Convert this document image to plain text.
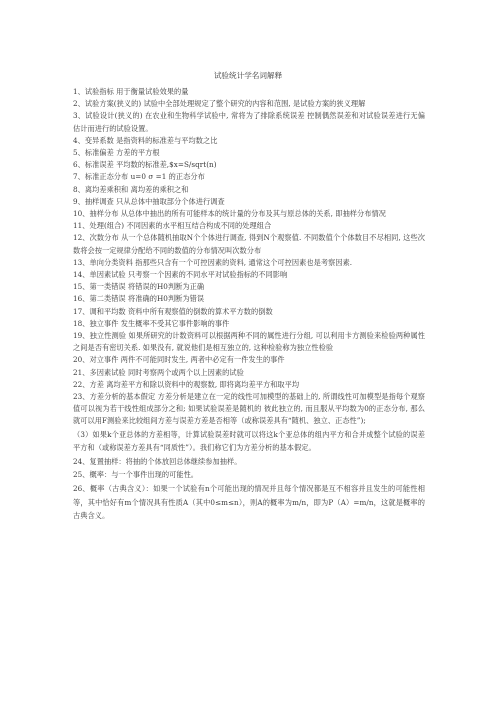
试验统计学名词解释

1、试验指标 用于衡量试验效果的量

2、试验方案(狭义的) 试验中全部处理规定了整个研究的内容和范围, 是试验方案的狭义理解

3、试验设计(狭义的) 在农业和生物科学试验中, 常将为了排除系统误差 控制偶然误差和对试验误差进行无偏估计而进行的试验设置。

4、变异系数 是指资料的标准差与平均数之比

5、标准偏差 方差的平方根

6、标准误差 平均数的标准差,$x=S/sqrt(n)

7、标准正态分布 u=0 σ =1 的正态分布

8、离均差乘积和 离均差的乘积之和

9、抽样调查 只从总体中抽取部分个体进行调查

10、抽样分布 从总体中抽出的所有可能样本的统计量的分布及其与原总体的关系, 即抽样分布情况

11、处理(组合) 不同因素的水平相互结合构成不同的处理组合

12、次数分布 从一个总体随机抽取N个个体进行调查, 得到N个观察值. 不同数值个个体数目不尽相同, 这些次数将会按一定规律分配给不同的数值的分布情况叫次数分布

13、单向分类资料 指那些只含有一个可控因素的资料, 通常这个可控因素也是考察因素.

14、单因素试验 只考察一个因素的不同水平对试验指标的不同影响

15、第一类错误 将错误的H0判断为正确

16、第二类错误 将准确的H0判断为错误

17、调和平均数 资料中所有观察值的倒数的算术平方数的倒数

18、独立事件 发生概率不受其它事件影响的事件

19、独立性测验 如果所研究的计数资料可以根据两种不同的属性进行分组, 可以利用卡方测验来检验两种属性之间是否有密切关系. 如果没有, 就说他们是相互独立的, 这种检验称为独立性检验

20、对立事件 两件不可能同时发生, 两者中必定有一件发生的事件

21、多因素试验 同时考察两个或两个以上因素的试验

22、方差 离均差平方和除以资料中的观察数, 即将离均差平方和取平均

23、方差分析的基本假定 方差分析是建立在一定的线性可加模型的基础上的, 所谓线性可加模型是指每个观察值可以视为若干线性组成部分之和; 如果试验误差是随机的 彼此独立的, 而且服从平均数为0的正态分布, 那么就可以用F测验来比较组间方差与误差方差是否相等（或称误差具有“随机、独立、正态性”);

（3）如果k个亚总体的方差相等，计算试验误差时就可以将这k个亚总体的组内平方和合并成整个试验的误差平方和（或称误差方差具有“同质性”）。我们称它们为方差分析的基本假定。

24、复置抽样：将抽的个体放回总体继续参加抽样。

25、概率：与一个事件出现的可能性。

26、概率（古典含义）：如果一个试验有n个可能出现的情况并且每个情况都是互不相容并且发生的可能性相等，其中恰好有m个情况具有性质A（其中0≤m≤n），则A的概率为m/n，即为P（A）=m/n，这就是概率的古典含义。
